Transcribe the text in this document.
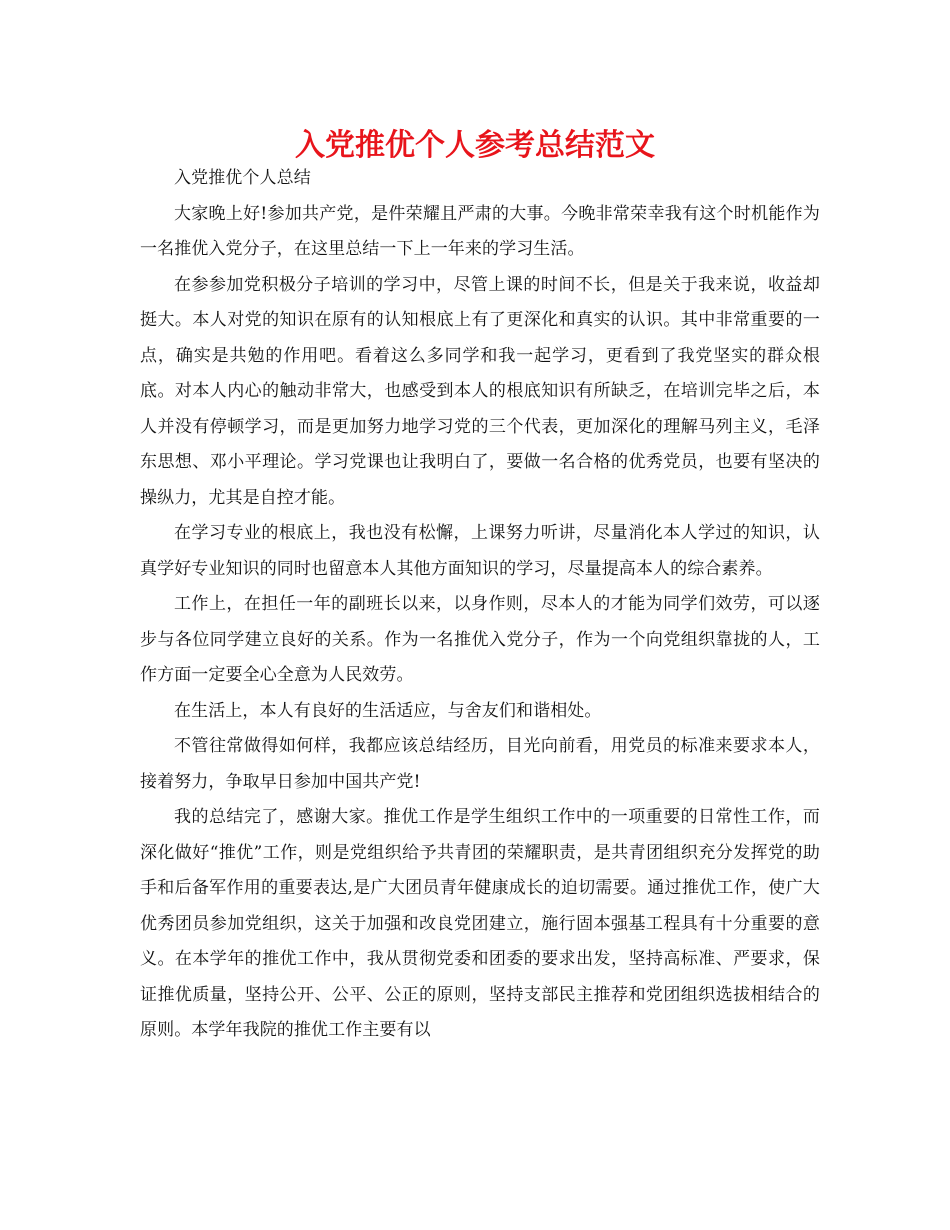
入党推优个人参考总结范文

入党推优个人总结

大家晚上好!参加共产党，是件荣耀且严肃的大事。今晚非常荣幸我有这个时机能作为一名推优入党分子，在这里总结一下上一年来的学习生活。

在参参加党积极分子培训的学习中，尽管上课的时间不长，但是关于我来说，收益却挺大。本人对党的知识在原有的认知根底上有了更深化和真实的认识。其中非常重要的一点，确实是共勉的作用吧。看着这么多同学和我一起学习，更看到了我党坚实的群众根底。对本人内心的触动非常大，也感受到本人的根底知识有所缺乏，在培训完毕之后，本人并没有停顿学习，而是更加努力地学习党的三个代表，更加深化的理解马列主义，毛泽东思想、邓小平理论。学习党课也让我明白了，要做一名合格的优秀党员，也要有坚决的操纵力，尤其是自控才能。

在学习专业的根底上，我也没有松懈，上课努力听讲，尽量消化本人学过的知识，认真学好专业知识的同时也留意本人其他方面知识的学习，尽量提高本人的综合素养。

工作上，在担任一年的副班长以来，以身作则，尽本人的才能为同学们效劳，可以逐步与各位同学建立良好的关系。作为一名推优入党分子，作为一个向党组织靠拢的人，工作方面一定要全心全意为人民效劳。

在生活上，本人有良好的生活适应，与舍友们和谐相处。

不管往常做得如何样，我都应该总结经历，目光向前看，用党员的标准来要求本人，接着努力，争取早日参加中国共产党!

我的总结完了，感谢大家。推优工作是学生组织工作中的一项重要的日常性工作，而深化做好“推优”工作，则是党组织给予共青团的荣耀职责，是共青团组织充分发挥党的助手和后备军作用的重要表达,是广大团员青年健康成长的迫切需要。通过推优工作，使广大优秀团员参加党组织，这关于加强和改良党团建立，施行固本强基工程具有十分重要的意义。在本学年的推优工作中，我从贯彻党委和团委的要求出发，坚持高标准、严要求，保证推优质量，坚持公开、公平、公正的原则，坚持支部民主推荐和党团组织选拔相结合的原则。本学年我院的推优工作主要有以
